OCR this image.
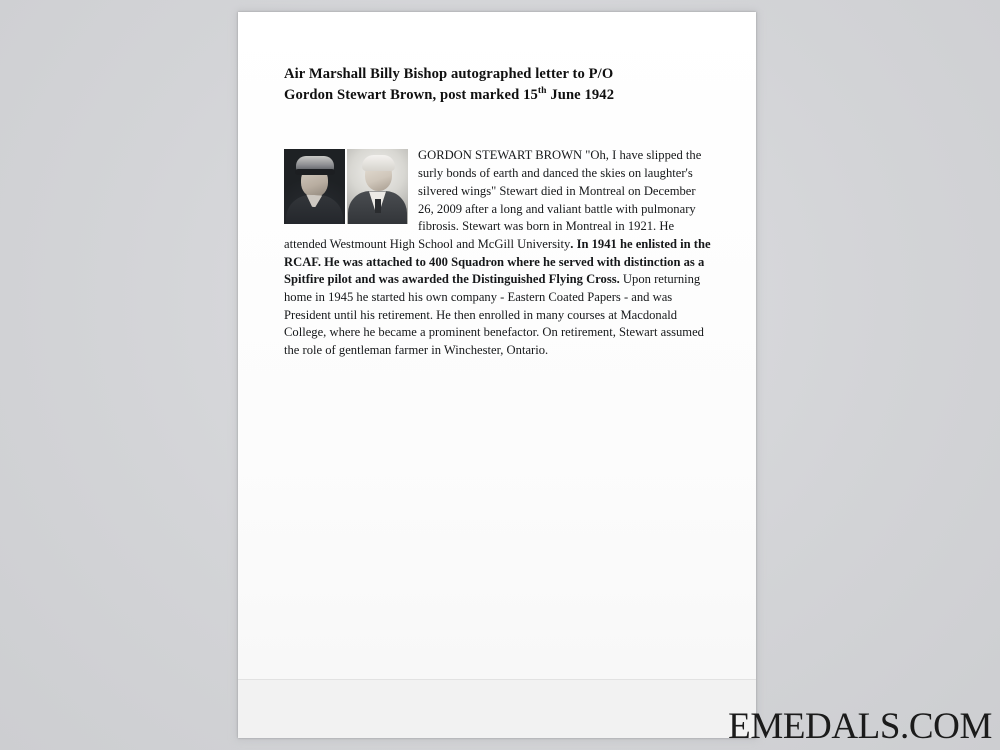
Air Marshall Billy Bishop autographed letter to P/O
Gordon Stewart Brown, post marked 15th June 1942
GORDON STEWART BROWN "Oh, I have slipped the surly bonds of earth and danced the skies on laughter's silvered wings" Stewart died in Montreal on December 26, 2009 after a long and valiant battle with pulmonary fibrosis. Stewart was born in Montreal in 1921. He attended Westmount High School and McGill University. In 1941 he enlisted in the RCAF. He was attached to 400 Squadron where he served with distinction as a Spitfire pilot and was awarded the Distinguished Flying Cross. Upon returning home in 1945 he started his own company - Eastern Coated Papers - and was President until his retirement. He then enrolled in many courses at Macdonald College, where he became a prominent benefactor. On retirement, Stewart assumed the role of gentleman farmer in Winchester, Ontario.
EMEDALS.COM
